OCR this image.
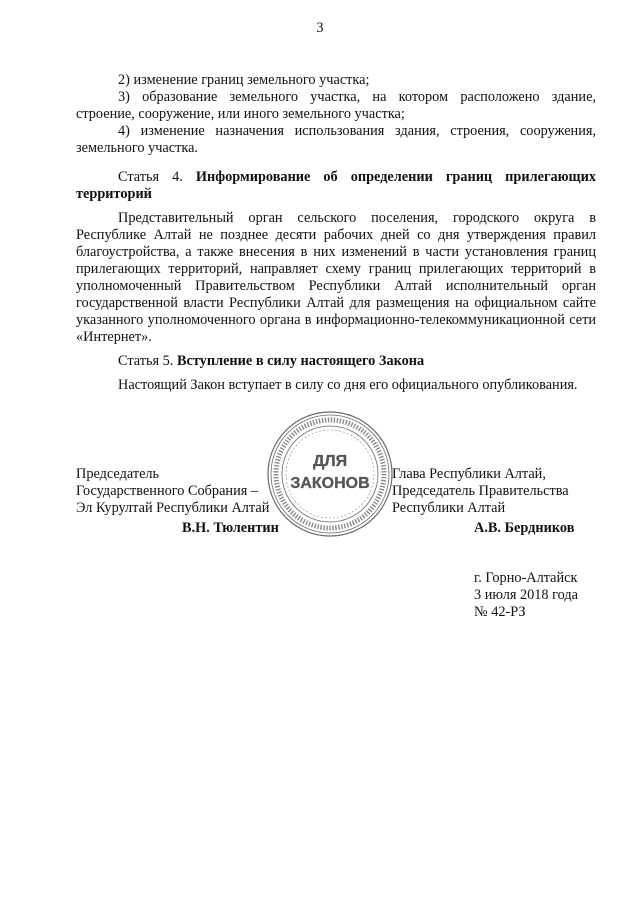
3
2) изменение границ земельного участка;
3) образование земельного участка, на котором расположено здание, строение, сооружение, или иного земельного участка;
4) изменение назначения использования здания, строения, сооружения, земельного участка.
Статья 4. Информирование об определении границ прилегающих территорий
Представительный орган сельского поселения, городского округа в Республике Алтай не позднее десяти рабочих дней со дня утверждения правил благоустройства, а также внесения в них изменений в части установления границ прилегающих территорий, направляет схему границ прилегающих территорий в уполномоченный Правительством Республики Алтай исполнительный орган государственной власти Республики Алтай для размещения на официальном сайте указанного уполномоченного органа в информационно-телекоммуникационной сети «Интернет».
Статья 5. Вступление в силу настоящего Закона
Настоящий Закон вступает в силу со дня его официального опубликования.
ДЛЯ
ЗАКОНОВ
Председатель
Государственного Собрания –
Эл Курултай Республики Алтай
В.Н. Тюлентин
Глава Республики Алтай,
Председатель Правительства
Республики Алтай
А.В. Бердников
г. Горно-Алтайск
3 июля 2018 года
№ 42-РЗ
